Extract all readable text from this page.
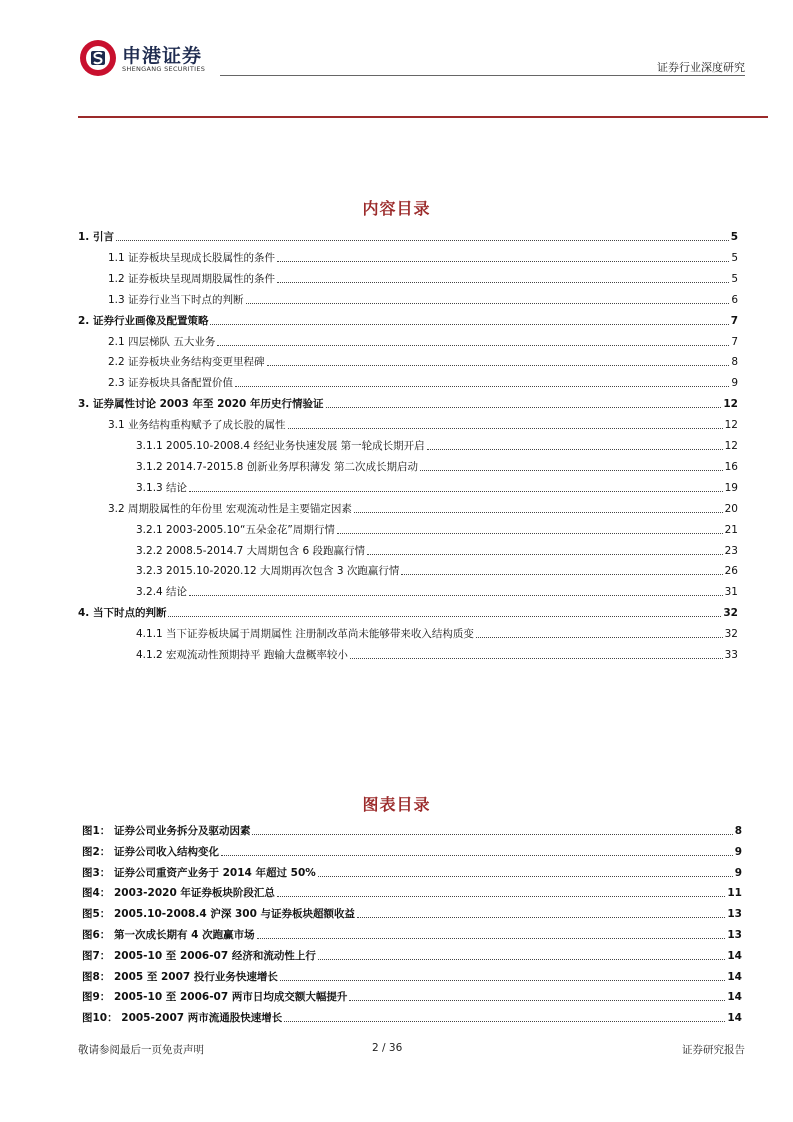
申港证券
SHENGANG SECURITIES	证券行业深度研究
内容目录
1. 引言	5
1.1 证券板块呈现成长股属性的条件	5
1.2 证券板块呈现周期股属性的条件	5
1.3 证券行业当下时点的判断	6
2. 证券行业画像及配置策略	7
2.1 四层梯队 五大业务	7
2.2 证券板块业务结构变更里程碑	8
2.3 证券板块具备配置价值	9
3. 证券属性讨论 2003 年至 2020 年历史行情验证	12
3.1 业务结构重构赋予了成长股的属性	12
3.1.1 2005.10-2008.4 经纪业务快速发展 第一轮成长期开启	12
3.1.2 2014.7-2015.8 创新业务厚积薄发 第二次成长期启动	16
3.1.3 结论	19
3.2 周期股属性的年份里 宏观流动性是主要锚定因素	20
3.2.1 2003-2005.10“五朵金花”周期行情	21
3.2.2 2008.5-2014.7 大周期包含 6 段跑赢行情	23
3.2.3 2015.10-2020.12 大周期再次包含 3 次跑赢行情	26
3.2.4 结论	31
4. 当下时点的判断	32
4.1.1 当下证券板块属于周期属性 注册制改革尚未能够带来收入结构质变	32
4.1.2 宏观流动性预期持平 跑输大盘概率较小	33
图表目录
图1： 证券公司业务拆分及驱动因素	8
图2： 证券公司收入结构变化	9
图3： 证券公司重资产业务于 2014 年超过 50%	9
图4： 2003-2020 年证券板块阶段汇总	11
图5： 2005.10-2008.4 沪深 300 与证券板块超额收益	13
图6： 第一次成长期有 4 次跑赢市场	13
图7： 2005-10 至 2006-07 经济和流动性上行	14
图8： 2005 至 2007 投行业务快速增长	14
图9： 2005-10 至 2006-07 两市日均成交额大幅提升	14
图10： 2005-2007 两市流通股快速增长	14
敬请参阅最后一页免责声明	2 / 36	证券研究报告
